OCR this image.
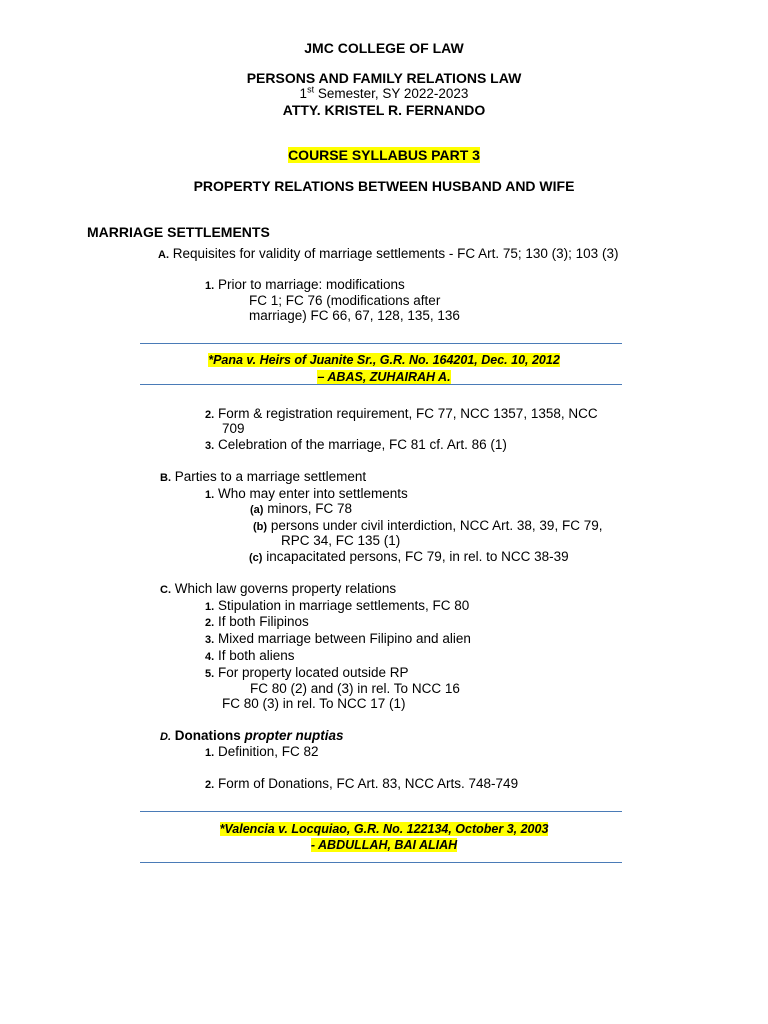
JMC COLLEGE OF LAW
PERSONS AND FAMILY RELATIONS LAW
1st Semester, SY 2022-2023
ATTY. KRISTEL R. FERNANDO
COURSE SYLLABUS PART 3
PROPERTY RELATIONS BETWEEN HUSBAND AND WIFE
MARRIAGE SETTLEMENTS
A. Requisites for validity of marriage settlements - FC Art. 75; 130 (3); 103 (3)
1. Prior to marriage: modifications
FC 1; FC 76 (modifications after
marriage) FC 66, 67, 128, 135, 136
*Pana v. Heirs of Juanite Sr., G.R. No. 164201, Dec. 10, 2012
– ABAS, ZUHAIRAH A.
2. Form & registration requirement, FC 77, NCC 1357, 1358, NCC
709
3. Celebration of the marriage, FC 81 cf. Art. 86 (1)
B. Parties to a marriage settlement
1. Who may enter into settlements
(a) minors, FC 78
(b) persons under civil interdiction, NCC Art. 38, 39, FC 79,
RPC 34, FC 135 (1)
(c) incapacitated persons, FC 79, in rel. to NCC 38-39
C. Which law governs property relations
1. Stipulation in marriage settlements, FC 80
2. If both Filipinos
3. Mixed marriage between Filipino and alien
4. If both aliens
5. For property located outside RP
FC 80 (2) and (3) in rel. To NCC 16
FC 80 (3) in rel. To NCC 17 (1)
D. Donations propter nuptias
1. Definition, FC 82
2. Form of Donations, FC Art. 83, NCC Arts. 748-749
*Valencia v. Locquiao, G.R. No. 122134, October 3, 2003
- ABDULLAH, BAI ALIAH
